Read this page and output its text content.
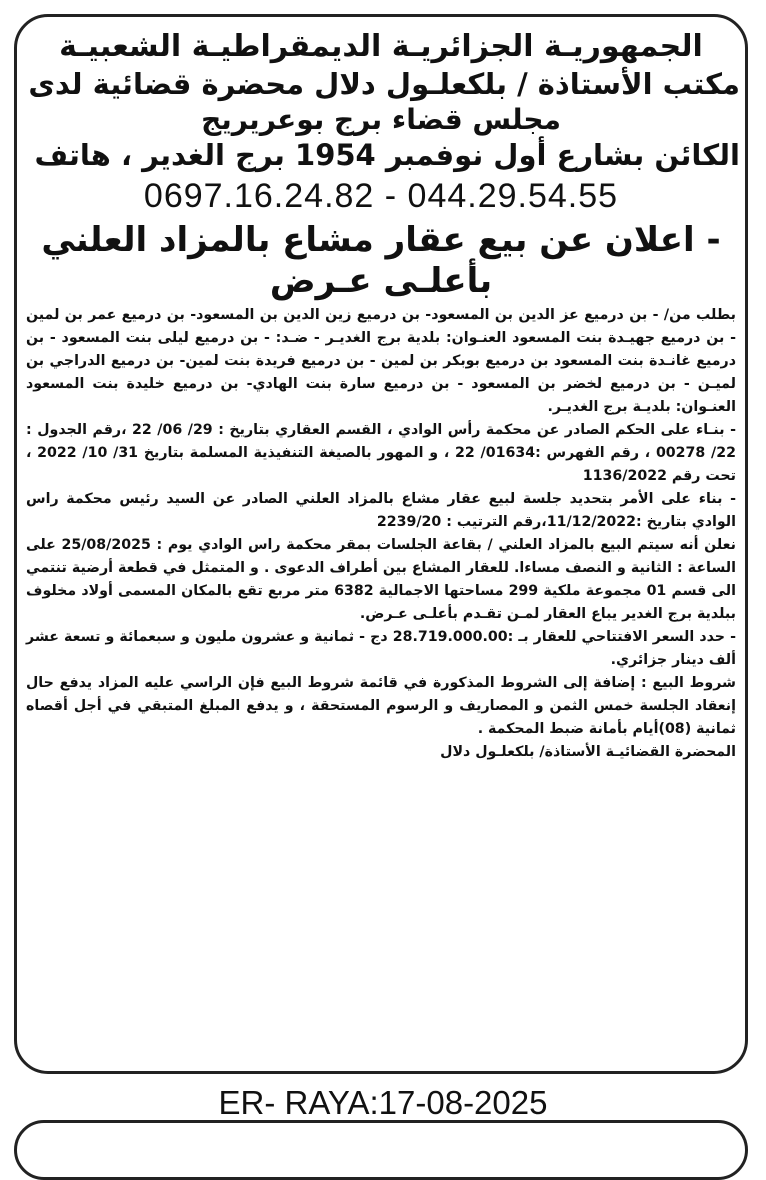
الجمهوريـة الجزائريـة الديمقراطيـة الشعبيـة

مكتب الأستاذة / بلكعلـول دلال محضرة قضائية لدى

مجلس قضاء برج بوعريريج

الكائن بشارع أول نوفمبر 1954 برج الغدير ، هاتف

0697.16.24.82 - 044.29.54.55

- اعلان عن بيع عقار مشاع بالمزاد العلني

بأعلـى عـرض

بطلب من/ - بن درميع عز الدين بن المسعود- بن درميع زين الدين بن المسعود- بن درميع عمر بن لمين - بن درميع جهيـدة بنت المسعود العنـوان: بلدية برج الغديـر - ضـد: - بن درميع ليلى بنت المسعود - بن درميع غانـدة بنت المسعود بن درميع بوبكر بن لمين - بن درميع فريدة بنت لمين- بن درميع الدراجي بن لميـن - بن درميع لخضر بن المسعود - بن درميع سارة بنت الهادي- بن درميع خليدة بنت المسعود العنـوان: بلديـة برج الغديـر.

- بنـاء على الحكم الصادر عن محكمة رأس الوادي ، القسم العقاري بتاريخ : 29/ 06/ 22 ،رقم الجدول : 22/ 00278 ، رقم الفهرس :01634/ 22 ، و المهور بالصيغة التنفيذية المسلمة بتاريخ 31/ 10/ 2022 ، تحت رقم 1136/2022

- بناء على الأمر بتحديد جلسة لبيع عقار مشاع بالمزاد العلني الصادر عن السيد رئيس محكمة راس الوادي بتاريخ :11/12/2022،رقم الترتيب : 2239/20

نعلن أنه سيتم البيع بالمزاد العلني / بقاعة الجلسات بمقر محكمة راس الوادي يوم : 25/08/2025 على الساعة : الثانية و النصف مساءا. للعقار المشاع بين أطراف الدعوى . و المتمثل في قطعة أرضية تنتمي الى قسم 01 مجموعة ملكية 299 مساحتها الاجمالية 6382 متر مربع تقع بالمكان المسمى أولاد مخلوف ببلدية برج الغدير يباع العقار لمـن تقـدم بأعلـى عـرض.

- حدد السعر الافتتاحي للعقار بـ :28.719.000.00 دج - ثمانية و عشرون مليون و سبعمائة و تسعة عشر ألف دينار جزائري.

شروط البيع : إضافة إلى الشروط المذكورة في قائمة شروط البيع فإن الراسي عليه المزاد يدفع حال إنعقاد الجلسة خمس الثمن و المصاريف و الرسوم المستحقة ، و يدفع المبلغ المتبقي في أجل أقصاه ثمانية (08)أيام بأمانة ضبط المحكمة .

المحضرة القضائيـة الأستاذة/ بلكعلـول دلال

ER- RAYA:17-08-2025
